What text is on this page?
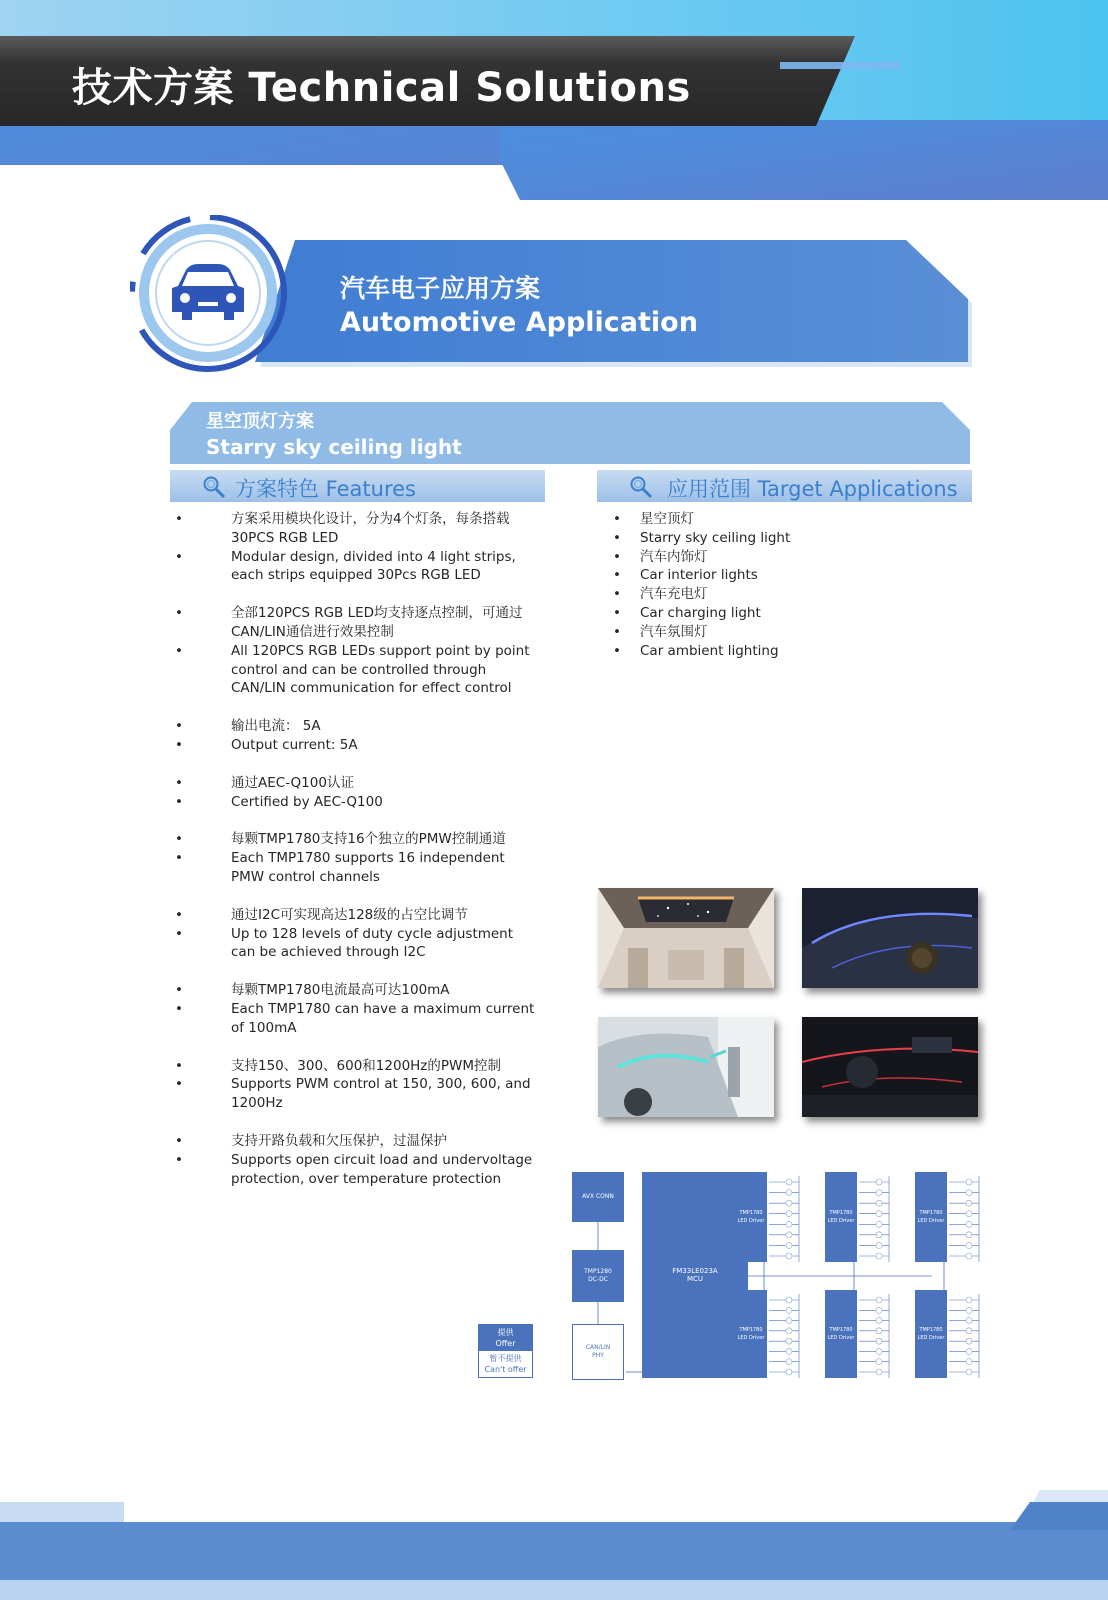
技术方案 Technical Solutions
汽车电子应用方案
Automotive Application
星空顶灯方案
Starry sky ceiling light
方案特色 Features	应用范围 Target Applications
•	方案采用模块化设计，分为4个灯条，每条搭载30PCS RGB LED
•	Modular design, divided into 4 light strips, each strips equipped 30Pcs RGB LED
•	全部120PCS RGB LED均支持逐点控制，可通过CAN/LIN通信进行效果控制
•	All 120PCS RGB LEDs support point by point control and can be controlled through CAN/LIN communication for effect control
•	输出电流： 5A
•	Output current: 5A
•	通过AEC-Q100认证
•	Certified by AEC-Q100
•	每颗TMP1780支持16个独立的PMW控制通道
•	Each TMP1780 supports 16 independent PMW control channels
•	通过I2C可实现高达128级的占空比调节
•	Up to 128 levels of duty cycle adjustment can be achieved through I2C
•	每颗TMP1780电流最高可达100mA
•	Each TMP1780 can have a maximum current of 100mA
•	支持150、300、600和1200Hz的PWM控制
•	Supports PWM control at 150, 300, 600, and 1200Hz
•	支持开路负载和欠压保护，过温保护
•	Supports open circuit load and undervoltage protection, over temperature protection
• 星空顶灯
• Starry sky ceiling light
• 汽车内饰灯
• Car interior lights
• 汽车充电灯
• Car charging light
• 汽车氛围灯
• Car ambient lighting
AVX CONN
TMP1280
DC-DC
CAN/LIN
PHY
FM33LE023A
MCU
TMP1780
LED Driver
TMP1780
LED Driver
TMP1780
LED Driver
TMP1780
LED Driver
TMP1780
LED Driver
TMP1780
LED Driver
提供
Offer
暂不提供
Can't offer
